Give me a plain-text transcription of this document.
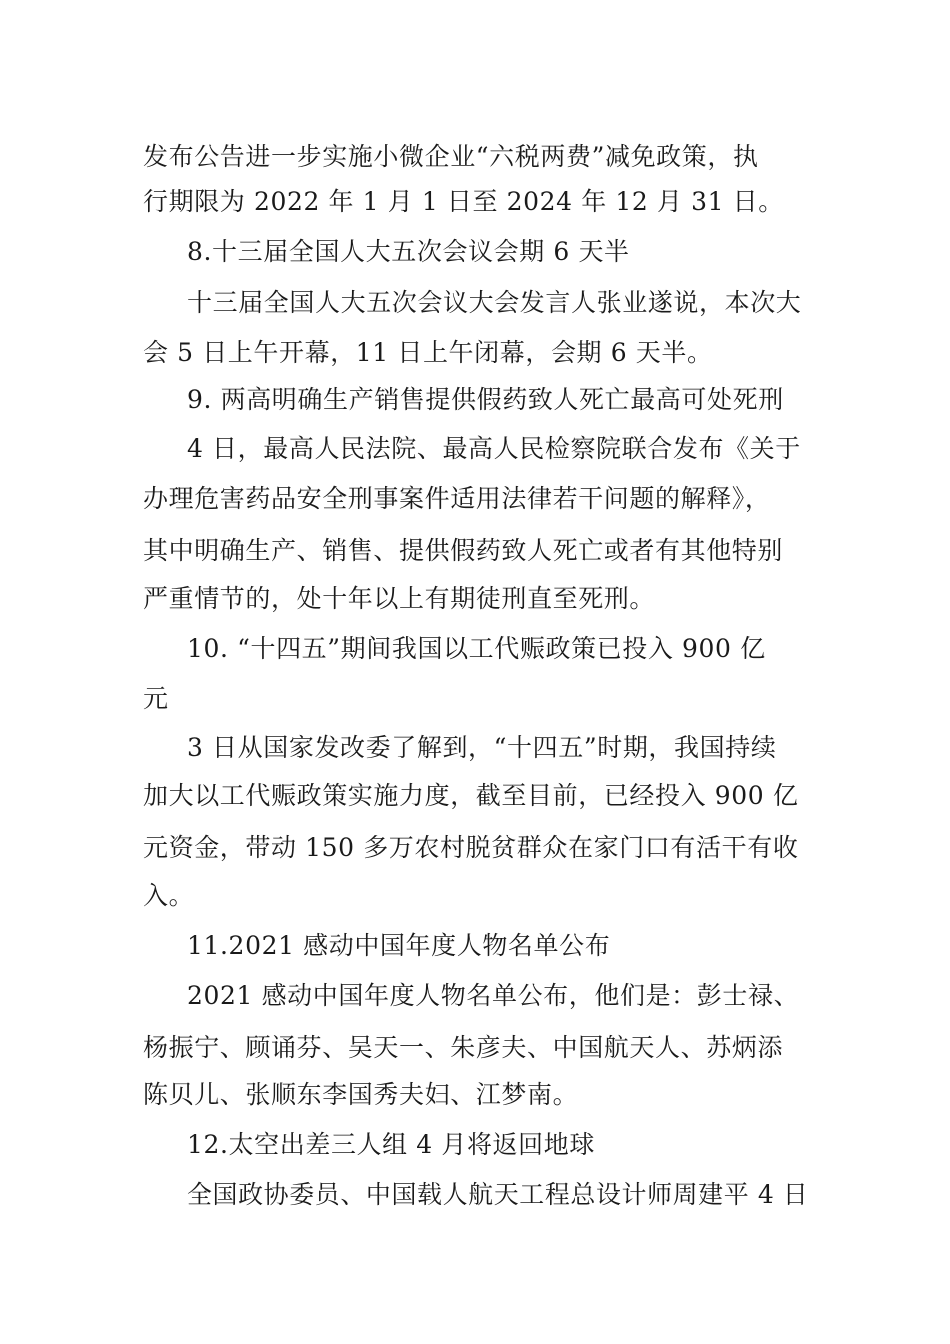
发布公告进一步实施小微企业“六税两费”减免政策，执
行期限为 2022 年 1 月 1 日至 2024 年 12 月 31 日。
8.十三届全国人大五次会议会期 6 天半
十三届全国人大五次会议大会发言人张业遂说，本次大
会 5 日上午开幕，11 日上午闭幕，会期 6 天半。
9. 两高明确生产销售提供假药致人死亡最高可处死刑
4 日，最高人民法院、最高人民检察院联合发布《关于
办理危害药品安全刑事案件适用法律若干问题的解释》，
其中明确生产、销售、提供假药致人死亡或者有其他特别
严重情节的，处十年以上有期徒刑直至死刑。
10. “十四五”期间我国以工代赈政策已投入 900 亿
元
3 日从国家发改委了解到，“十四五”时期，我国持续
加大以工代赈政策实施力度，截至目前，已经投入 900 亿
元资金，带动 150 多万农村脱贫群众在家门口有活干有收
入。
11.2021 感动中国年度人物名单公布
2021 感动中国年度人物名单公布，他们是：彭士禄、
杨振宁、顾诵芬、吴天一、朱彦夫、中国航天人、苏炳添
陈贝儿、张顺东李国秀夫妇、江梦南。
12.太空出差三人组 4 月将返回地球
全国政协委员、中国载人航天工程总设计师周建平 4 日
